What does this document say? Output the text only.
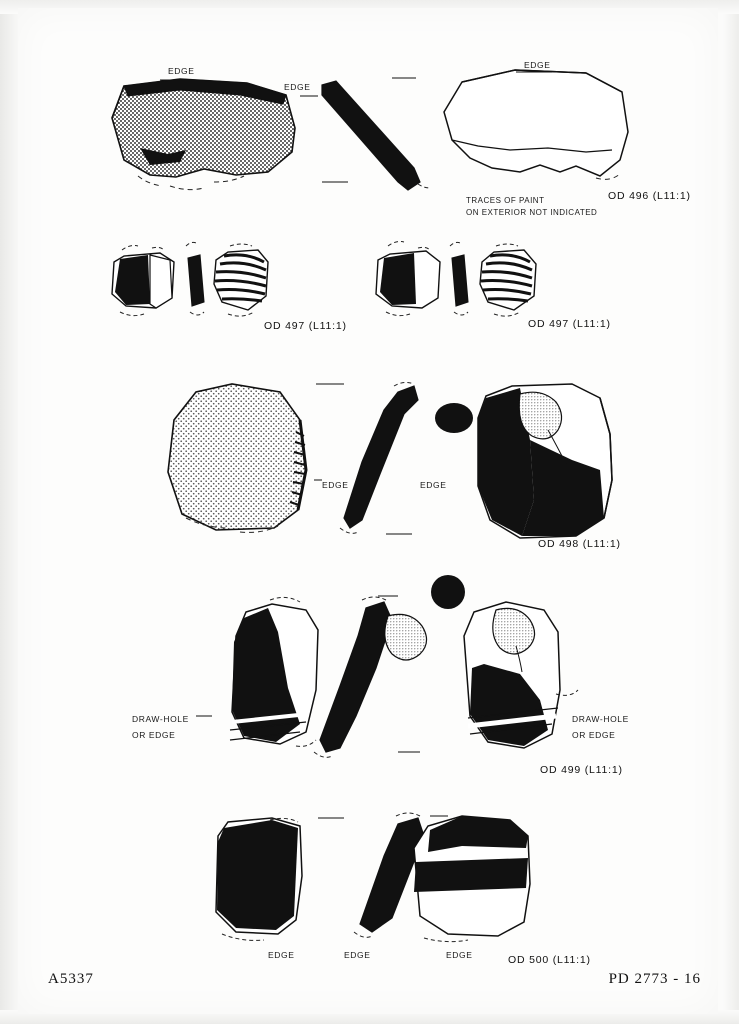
EDGE
EDGE
EDGE
TRACES OF PAINT
ON EXTERIOR NOT INDICATED
OD 496 (L11:1)
OD 497 (L11:1)	OD 497 (L11:1)
EDGE	EDGE
OD 498 (L11:1)
DRAW-HOLE
OR EDGE
DRAW-HOLE
OR EDGE
OD 499 (L11:1)
EDGE	EDGE	EDGE	OD 500 (L11:1)
A5337	PD 2773 - 16
